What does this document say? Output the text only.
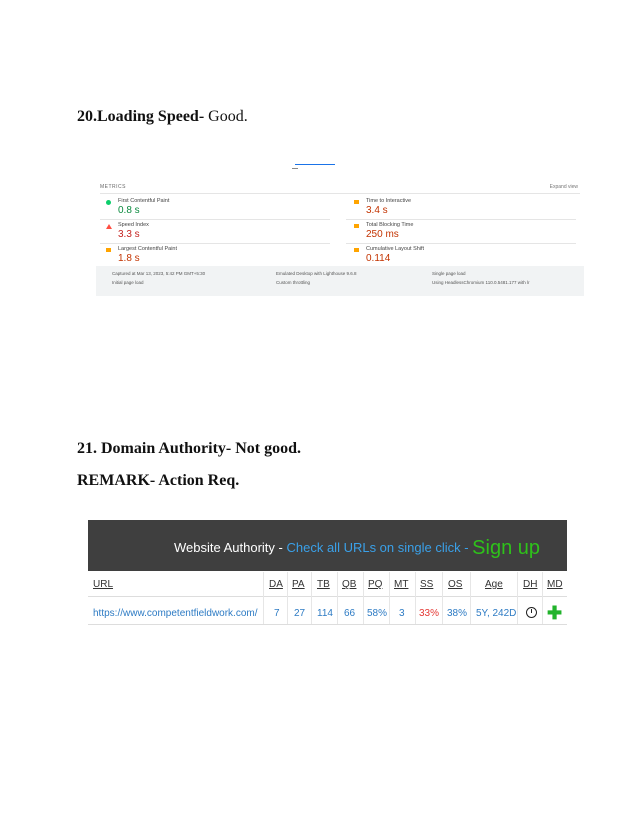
20.Loading Speed- Good.
METRICS	Expand view
First Contentful Paint
0.8 s
Time to Interactive
3.4 s
Speed Index
3.3 s
Total Blocking Time
250 ms
Largest Contentful Paint
1.8 s
Cumulative Layout Shift
0.114
Captured at Mar 13, 2023, 5:42 PM GMT+5:30
Initial page load
Emulated Desktop with Lighthouse 9.6.8
Custom throttling
Single page load
Using HeadlessChromium 110.0.5481.177 with lr
21. Domain Authority- Not good.
REMARK- Action Req.
Website Authority - Check all URLs on single click - Sign up
URL	DA PA TB QB PQ MT SS OS Age DH MD
https://www.competentfieldwork.com/ 7 27 114 66 58% 3 33% 38% 5Y, 242D ✚
